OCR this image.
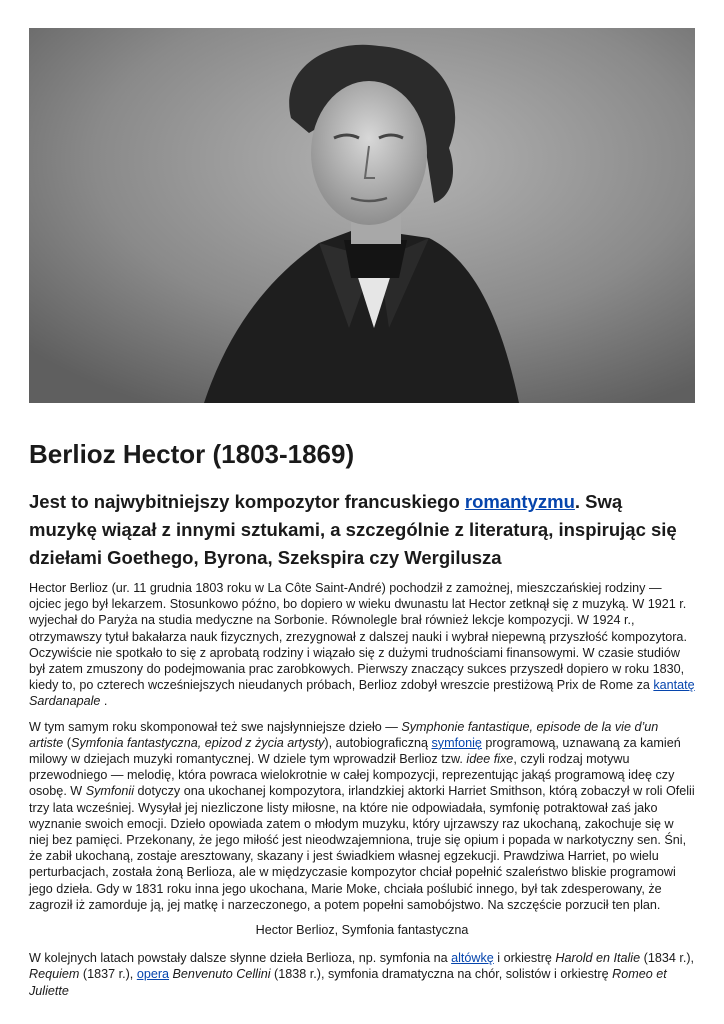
Berlioz Hector (1803-1869)
Jest to najwybitniejszy kompozytor francuskiego romantyzmu. Swą muzykę wiązał z innymi sztukami, a szczególnie z literaturą, inspirując się dziełami Goethego, Byrona, Szekspira czy Wergilusza

Hector Berlioz (ur. 11 grudnia 1803 roku w La Côte Saint-André) pochodził z zamożnej, mieszczańskiej rodziny — ojciec jego był lekarzem. Stosunkowo późno, bo dopiero w wieku dwunastu lat Hector zetknął się z muzyką. W 1921 r. wyjechał do Paryża na studia medyczne na Sorbonie. Równolegle brał również lekcje kompozycji. W 1924 r., otrzymawszy tytuł bakałarza nauk fizycznych, zrezygnował z dalszej nauki i wybrał niepewną przyszłość kompozytora. Oczywiście nie spotkało to się z aprobatą rodziny i wiązało się z dużymi trudnościami finansowymi. W czasie studiów był zatem zmuszony do podejmowania prac zarobkowych. Pierwszy znaczący sukces przyszedł dopiero w roku 1830, kiedy to, po czterech wcześniejszych nieudanych próbach, Berlioz zdobył wreszcie prestiżową Prix de Rome za kantatę Sardanapale .

W tym samym roku skomponował też swe najsłynniejsze dzieło — Symphonie fantastique, episode de la vie d’un artiste (Symfonia fantastyczna, epizod z życia artysty), autobiograficzną symfonię programową, uznawaną za kamień milowy w dziejach muzyki romantycznej. W dziele tym wprowadził Berlioz tzw. idee fixe, czyli rodzaj motywu przewodniego — melodię, która powraca wielokrotnie w całej kompozycji, reprezentując jakąś programową ideę czy osobę. W Symfonii dotyczy ona ukochanej kompozytora, irlandzkiej aktorki Harriet Smithson, którą zobaczył w roli Ofelii trzy lata wcześniej. Wysyłał jej niezliczone listy miłosne, na które nie odpowiadała, symfonię potraktował zaś jako wyznanie swoich emocji. Dzieło opowiada zatem o młodym muzyku, który ujrzawszy raz ukochaną, zakochuje się w niej bez pamięci. Przekonany, że jego miłość jest nieodwzajemniona, truje się opium i popada w narkotyczny sen. Śni, że zabił ukochaną, zostaje aresztowany, skazany i jest świadkiem własnej egzekucji. Prawdziwa Harriet, po wielu perturbacjach, została żoną Berlioza, ale w międzyczasie kompozytor chciał popełnić szaleństwo bliskie programowi jego dzieła. Gdy w 1831 roku inna jego ukochana, Marie Moke, chciała poślubić innego, był tak zdesperowany, że zagroził iż zamorduje ją, jej matkę i narzeczonego, a potem popełni samobójstwo. Na szczęście porzucił ten plan.

Hector Berlioz, Symfonia fantastyczna

W kolejnych latach powstały dalsze słynne dzieła Berlioza, np. symfonia na altówkę i orkiestrę Harold en Italie (1834 r.), Requiem (1837 r.), opera Benvenuto Cellini (1838 r.), symfonia dramatyczna na chór, solistów i orkiestrę Romeo et Juliette
